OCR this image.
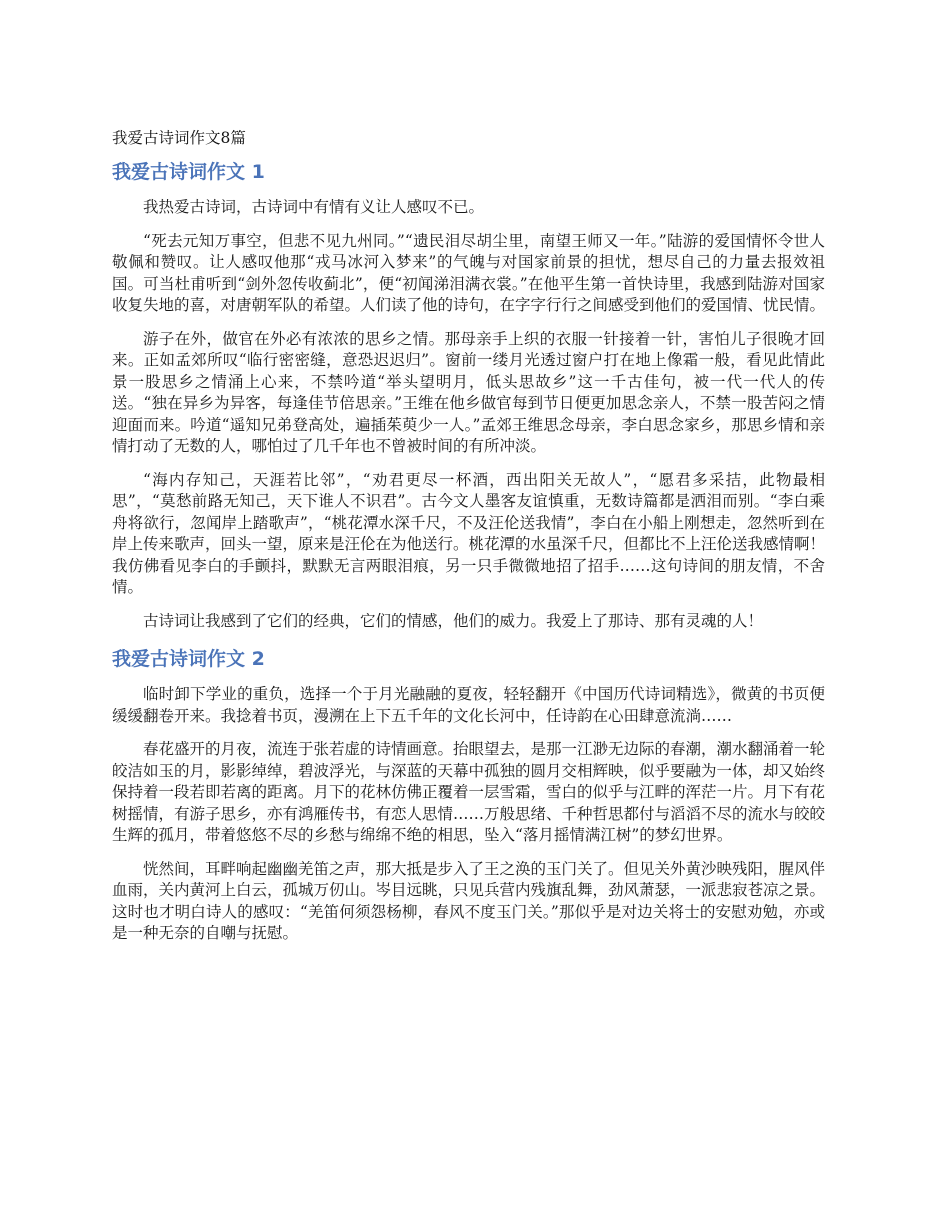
我爱古诗词作文8篇
我爱古诗词作文 1

我热爱古诗词，古诗词中有情有义让人感叹不已。

“死去元知万事空，但悲不见九州同。”“遗民泪尽胡尘里，南望王师又一年。”陆游的爱国情怀令世人敬佩和赞叹。让人感叹他那“戎马冰河入梦来”的气魄与对国家前景的担忧，想尽自己的力量去报效祖国。可当杜甫听到“剑外忽传收蓟北”，便“初闻涕泪满衣裳。”在他平生第一首快诗里，我感到陆游对国家收复失地的喜，对唐朝军队的希望。人们读了他的诗句，在字字行行之间感受到他们的爱国情、忧民情。

游子在外，做官在外必有浓浓的思乡之情。那母亲手上织的衣服一针接着一针，害怕儿子很晚才回来。正如孟郊所叹“临行密密缝，意恐迟迟归”。窗前一缕月光透过窗户打在地上像霜一般，看见此情此景一股思乡之情涌上心来，不禁吟道“举头望明月，低头思故乡”这一千古佳句，被一代一代人的传送。“独在异乡为异客，每逢佳节倍思亲。”王维在他乡做官每到节日便更加思念亲人，不禁一股苦闷之情迎面而来。吟道“遥知兄弟登高处，遍插茱萸少一人。”孟郊王维思念母亲，李白思念家乡，那思乡情和亲情打动了无数的人，哪怕过了几千年也不曾被时间的有所冲淡。

“海内存知己，天涯若比邻”，“劝君更尽一杯酒，西出阳关无故人”，“愿君多采拮，此物最相思”，“莫愁前路无知己，天下谁人不识君”。古今文人墨客友谊慎重，无数诗篇都是洒泪而别。“李白乘舟将欲行，忽闻岸上踏歌声”，“桃花潭水深千尺，不及汪伦送我情”，李白在小船上刚想走，忽然听到在岸上传来歌声，回头一望，原来是汪伦在为他送行。桃花潭的水虽深千尺，但都比不上汪伦送我感情啊！我仿佛看见李白的手颤抖，默默无言两眼泪痕，另一只手微微地招了招手……这句诗间的朋友情，不舍情。

古诗词让我感到了它们的经典，它们的情感，他们的威力。我爱上了那诗、那有灵魂的人！

我爱古诗词作文 2

临时卸下学业的重负，选择一个于月光融融的夏夜，轻轻翻开《中国历代诗词精选》，微黄的书页便缓缓翻卷开来。我捻着书页，漫溯在上下五千年的文化长河中，任诗韵在心田肆意流淌……

春花盛开的月夜，流连于张若虚的诗情画意。抬眼望去，是那一江渺无边际的春潮，潮水翻涌着一轮皎洁如玉的月，影影绰绰，碧波浮光，与深蓝的天幕中孤独的圆月交相辉映，似乎要融为一体，却又始终保持着一段若即若离的距离。月下的花林仿佛正覆着一层雪霜，雪白的似乎与江畔的浑茫一片。月下有花树摇情，有游子思乡，亦有鸿雁传书，有恋人思情……万般思绪、千种哲思都付与滔滔不尽的流水与皎皎生辉的孤月，带着悠悠不尽的乡愁与绵绵不绝的相思，坠入“落月摇情满江树”的梦幻世界。

恍然间，耳畔响起幽幽羌笛之声，那大抵是步入了王之涣的玉门关了。但见关外黄沙映残阳，腥风伴血雨，关内黄河上白云，孤城万仞山。岑目远眺，只见兵营内残旗乱舞，劲风萧瑟，一派悲寂苍凉之景。这时也才明白诗人的感叹：“羌笛何须怨杨柳，春风不度玉门关。”那似乎是对边关将士的安慰劝勉，亦或是一种无奈的自嘲与抚慰。
